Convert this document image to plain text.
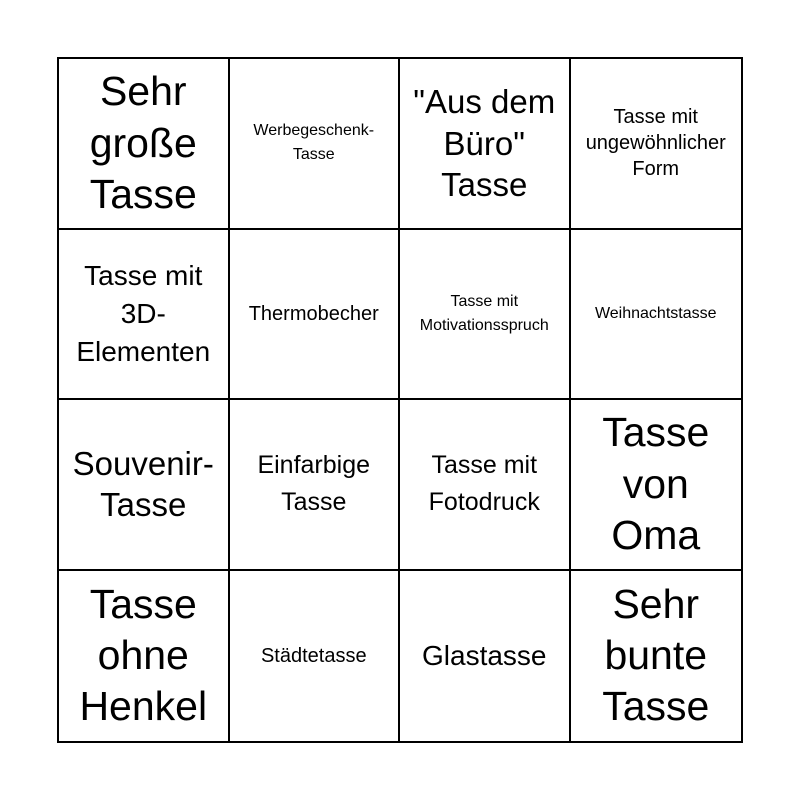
Sehr große Tasse
Werbegeschenk-Tasse
"Aus dem Büro" Tasse
Tasse mit ungewöhnlicher Form
Tasse mit 3D-Elementen
Thermobecher
Tasse mit Motivationsspruch
Weihnachtstasse
Souvenir-Tasse
Einfarbige Tasse
Tasse mit Fotodruck
Tasse von Oma
Tasse ohne Henkel
Städtetasse Glastasse
Sehr bunte Tasse
